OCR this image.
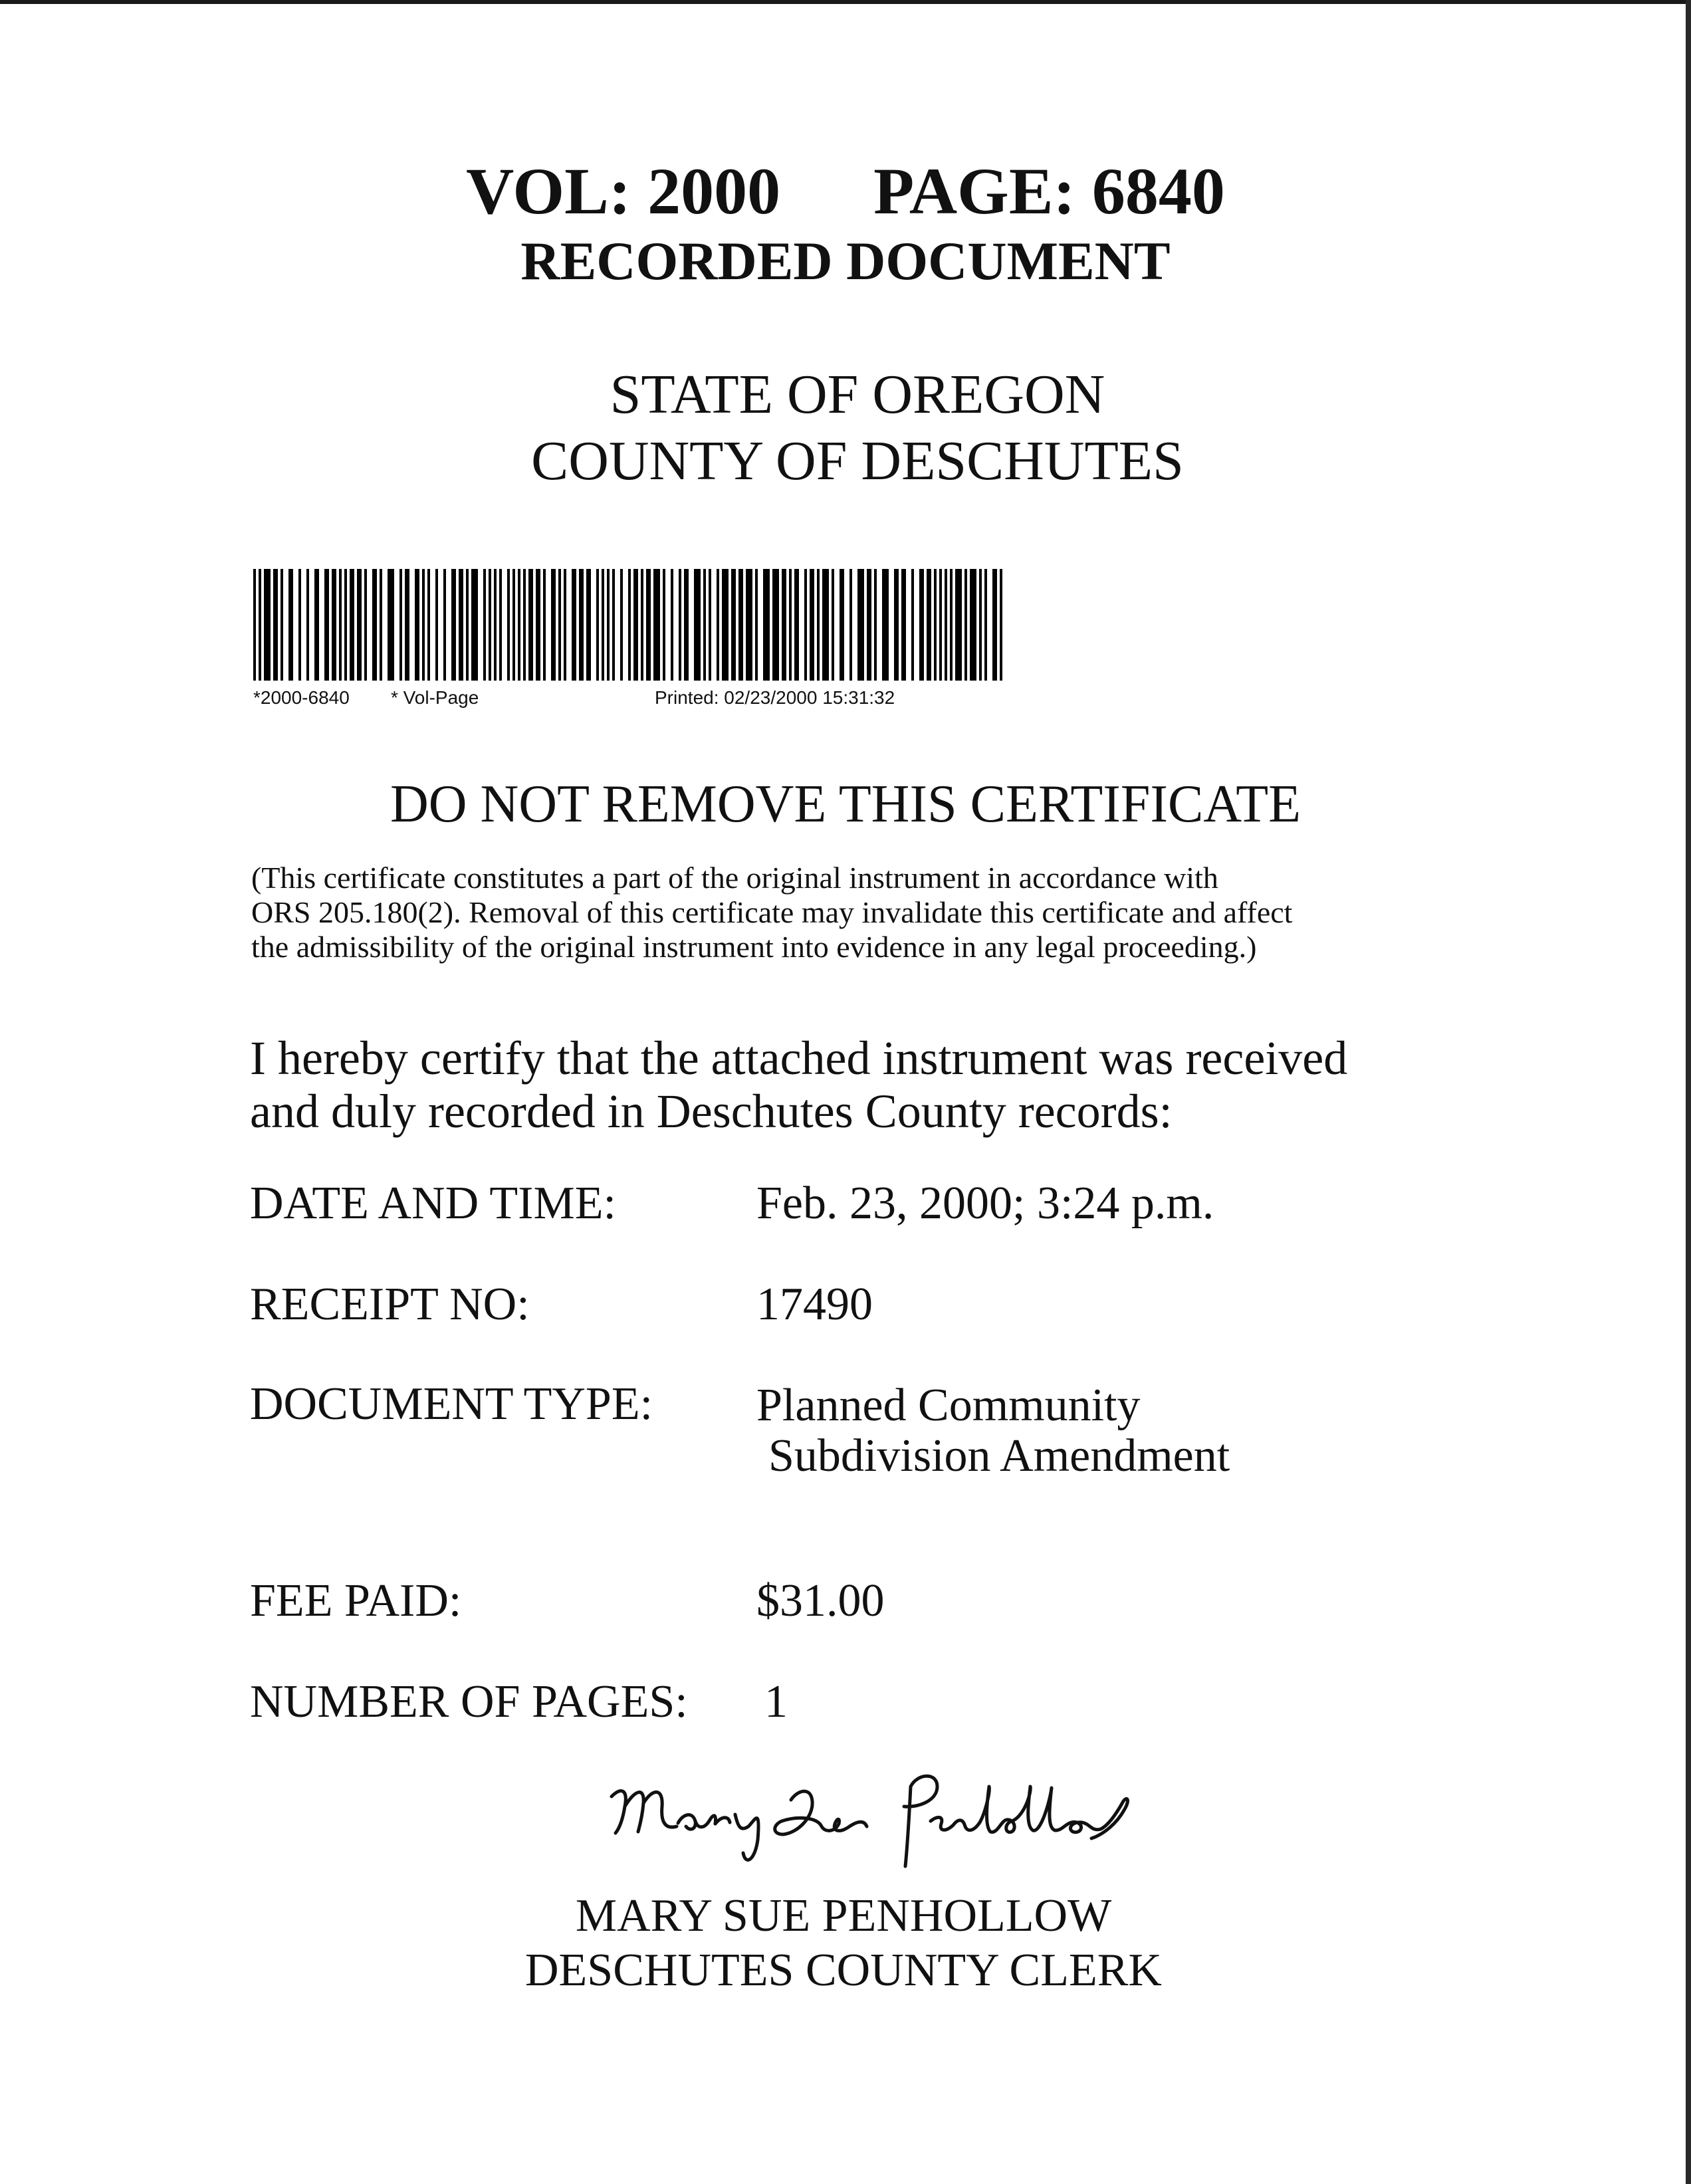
VOL: 2000 PAGE: 6840
RECORDED DOCUMENT
STATE OF OREGON
COUNTY OF DESCHUTES
*2000-6840 * Vol-Page	Printed: 02/23/2000 15:31:32
DO NOT REMOVE THIS CERTIFICATE
(This certificate constitutes a part of the original instrument in accordance with
ORS 205.180(2). Removal of this certificate may invalidate this certificate and affect
the admissibility of the original instrument into evidence in any legal proceeding.)
I hereby certify that the attached instrument was received
and duly recorded in Deschutes County records:
DATE AND TIME:	Feb. 23, 2000; 3:24 p.m.
RECEIPT NO:	17490
DOCUMENT TYPE: Planned Community
Subdivision Amendment
FEE PAID:	$31.00
NUMBER OF PAGES: 1
MARY SUE PENHOLLOW
DESCHUTES COUNTY CLERK
